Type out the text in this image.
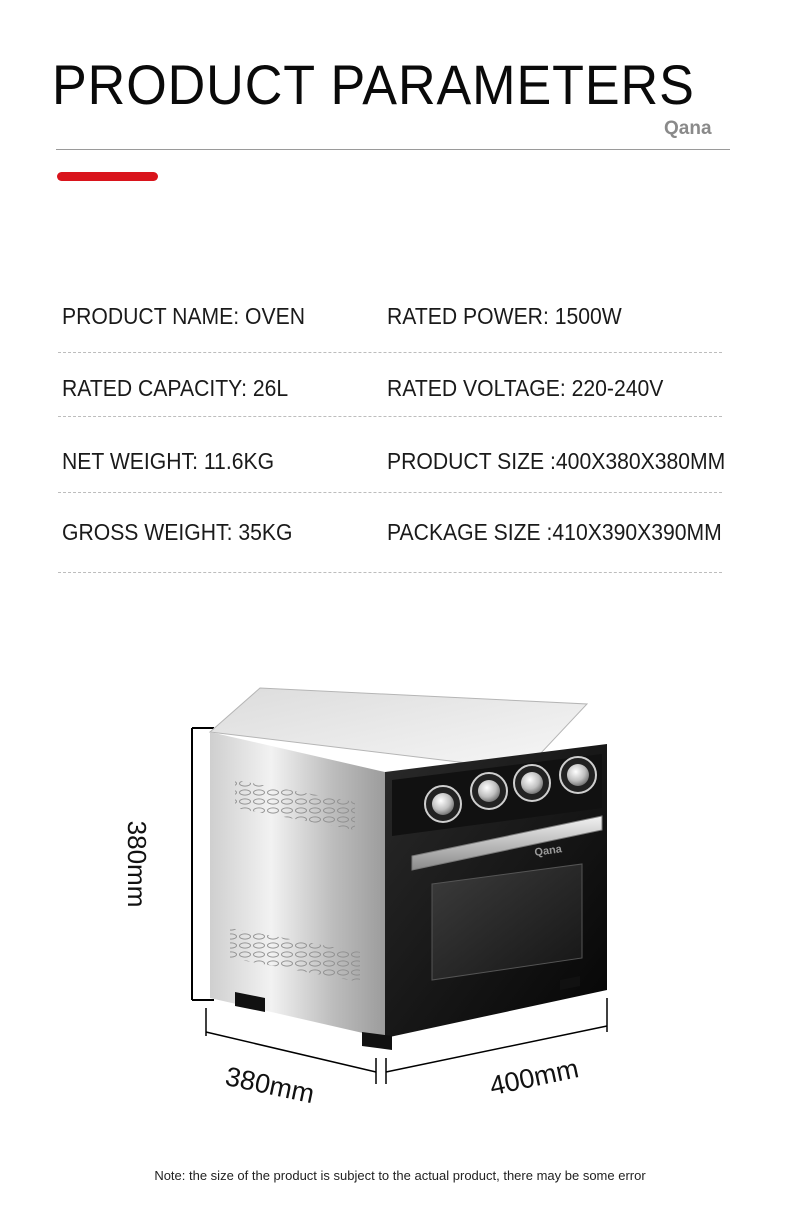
PRODUCT PARAMETERS
Qana
PRODUCT NAME: OVEN	RATED POWER: 1500W
RATED CAPACITY: 26L	RATED VOLTAGE: 220-240V
NET WEIGHT: 11.6KG	PRODUCT SIZE :400X380X380MM
GROSS WEIGHT: 35KG	PACKAGE SIZE :410X390X390MM
380mm	Qana
380mm	400mm
Note: the size of the product is subject to the actual product, there may be some error
